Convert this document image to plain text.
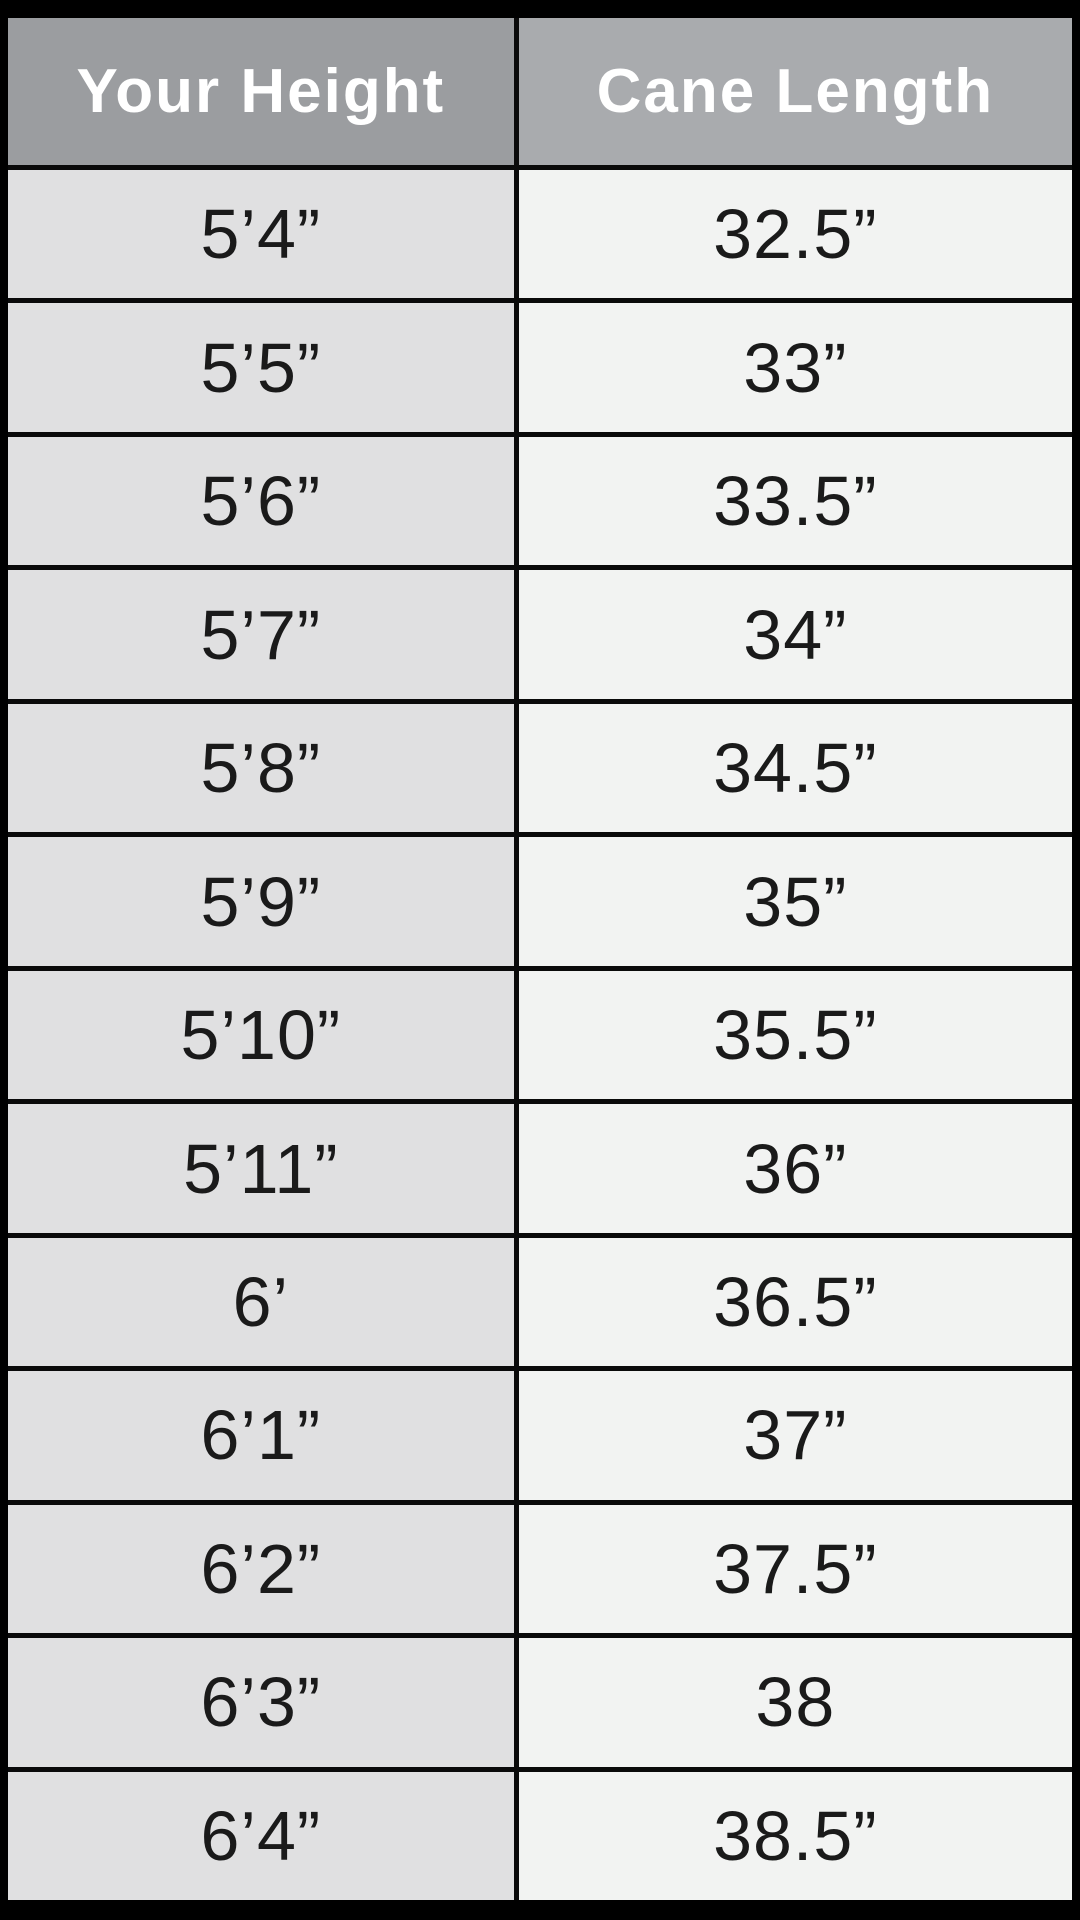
Your Height	Cane Length
5’4”	32.5”
5’5”	33”
5’6”	33.5”
5’7”	34”
5’8”	34.5”
5’9”	35”
5’10”	35.5”
5’11”	36”
6’	36.5”
6’1”	37”
6’2”	37.5”
6’3”	38
6’4”	38.5”
